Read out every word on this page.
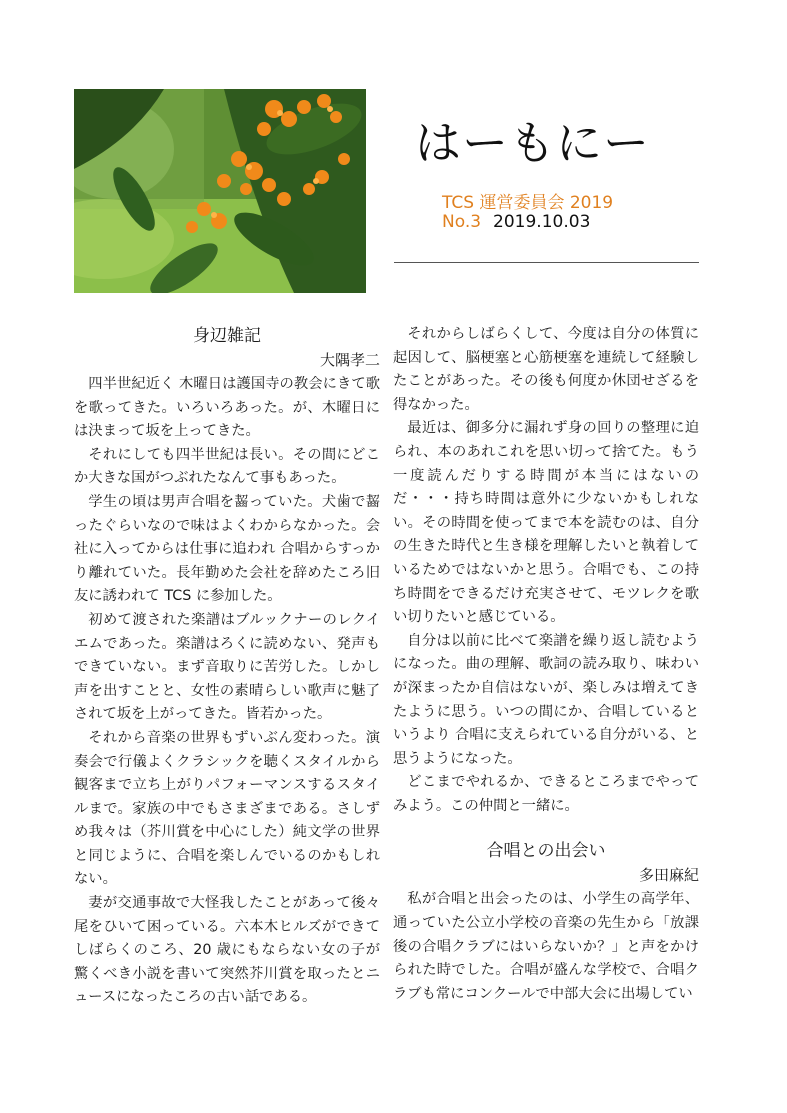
はーもにー
TCS 運営委員会 2019
No.3 2019.10.03
身辺雑記
大隅孝二

四半世紀近く 木曜日は護国寺の教会にきて歌を歌ってきた。いろいろあった。が、木曜日には決まって坂を上ってきた。

それにしても四半世紀は長い。その間にどこか大きな国がつぶれたなんて事もあった。

学生の頃は男声合唱を齧っていた。犬歯で齧ったぐらいなので味はよくわからなかった。会社に入ってからは仕事に追われ 合唱からすっかり離れていた。長年勤めた会社を辞めたころ旧友に誘われて TCS に参加した。

初めて渡された楽譜はブルックナーのレクイエムであった。楽譜はろくに読めない、発声もできていない。まず音取りに苦労した。しかし声を出すことと、女性の素晴らしい歌声に魅了されて坂を上がってきた。皆若かった。

それから音楽の世界もずいぶん変わった。演奏会で行儀よくクラシックを聴くスタイルから観客まで立ち上がりパフォーマンスするスタイルまで。家族の中でもさまざまである。さしずめ我々は（芥川賞を中心にした）純文学の世界と同じように、合唱を楽しんでいるのかもしれない。

妻が交通事故で大怪我したことがあって後々尾をひいて困っている。六本木ヒルズができてしばらくのころ、20 歳にもならない女の子が驚くべき小説を書いて突然芥川賞を取ったとニュースになったころの古い話である。

それからしばらくして、今度は自分の体質に起因して、脳梗塞と心筋梗塞を連続して経験したことがあった。その後も何度か休団せざるを得なかった。

最近は、御多分に漏れず身の回りの整理に迫られ、本のあれこれを思い切って捨てた。もう一度読んだりする時間が本当にはないのだ・・・持ち時間は意外に少ないかもしれない。その時間を使ってまで本を読むのは、自分の生きた時代と生き様を理解したいと執着しているためではないかと思う。合唱でも、この持ち時間をできるだけ充実させて、モツレクを歌い切りたいと感じている。

自分は以前に比べて楽譜を繰り返し読むようになった。曲の理解、歌詞の読み取り、味わいが深まったか自信はないが、楽しみは増えてきたように思う。いつの間にか、合唱しているというより 合唱に支えられている自分がいる、と思うようになった。

どこまでやれるか、できるところまでやってみよう。この仲間と一緒に。

合唱との出会い
多田麻紀

私が合唱と出会ったのは、小学生の高学年、通っていた公立小学校の音楽の先生から「放課後の合唱クラブにはいらないか？」と声をかけられた時でした。合唱が盛んな学校で、合唱クラブも常にコンクールで中部大会に出場してい
